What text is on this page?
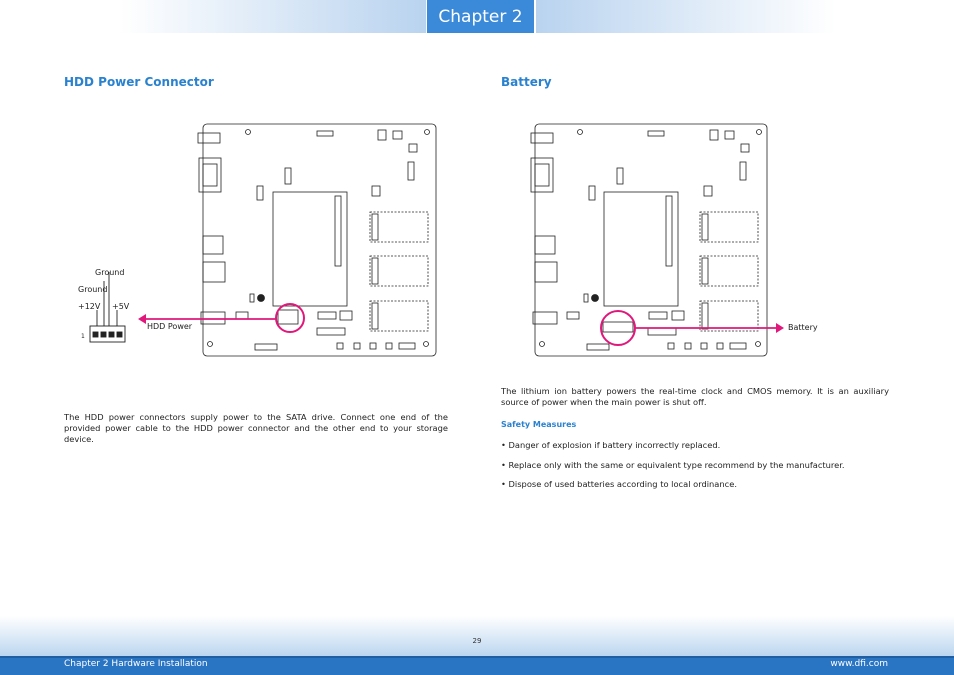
Chapter 2
HDD Power Connector	Battery
Ground
Ground
+12V +5V
1
HDD Power
The HDD power connectors supply power to the SATA drive. Connect one end of the provided power cable to the HDD power connector and the other end to your storage device.
Battery
The lithium ion battery powers the real-time clock and CMOS memory. It is an auxiliary source of power when the main power is shut off.
Safety Measures
• Danger of explosion if battery incorrectly replaced.
• Replace only with the same or equivalent type recommend by the manufacturer.
• Dispose of used batteries according to local ordinance.
29
Chapter 2 Hardware Installation	www.dfi.com
